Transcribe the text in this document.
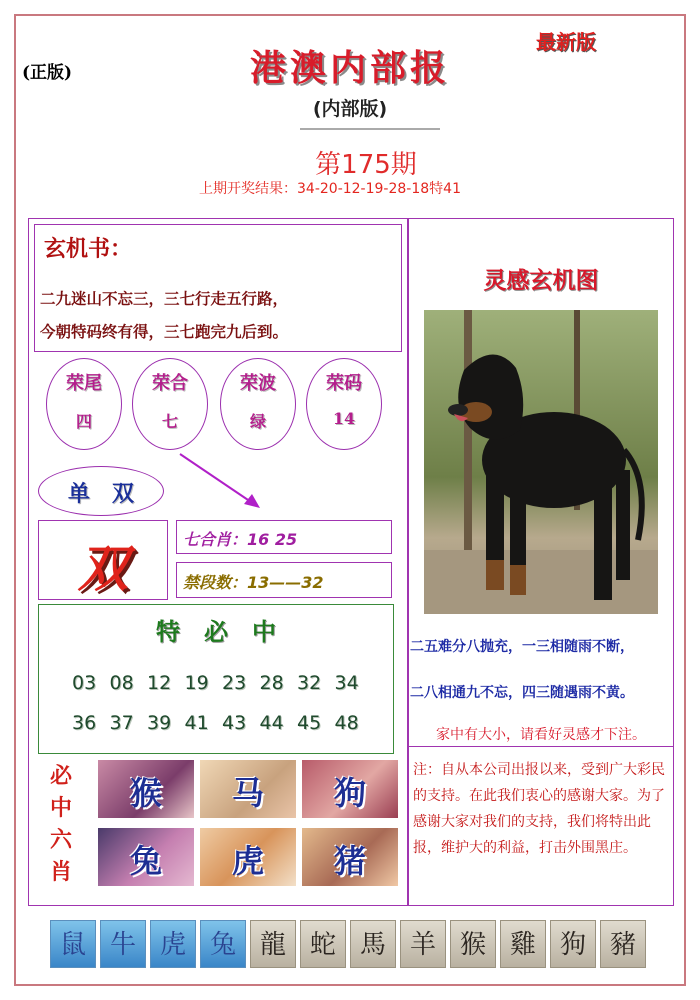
(正版)
最新版
港澳内部报
(内部版)
第175期
上期开奖结果：34-20-12-19-28-18特41
玄机书：
二九迷山不忘三，三七行走五行路，
今朝特码终有得，三七跑完九后到。
荣尾
四
荣合
七
荣波
绿
荣码
14
单　双
双	七合肖：16 25
禁段数：13——32
特　必　中
03 08 12 19 23 28 32 34
36 37 39 41 43 44 45 48
必
中
六
肖
猴	马	狗
兔	虎	猪
灵感玄机图
二五难分八抛充，一三相随雨不断，
二八相通九不忘，四三随遇雨不黄。
家中有大小，请看好灵感才下注。
注：自从本公司出报以来，受到广大彩民的支持。在此我们衷心的感谢大家。为了感谢大家对我们的支持，我们将特出此报，维护大的利益，打击外围黑庄。
鼠 牛 虎 兔 龍 蛇 馬 羊 猴 雞 狗 豬
